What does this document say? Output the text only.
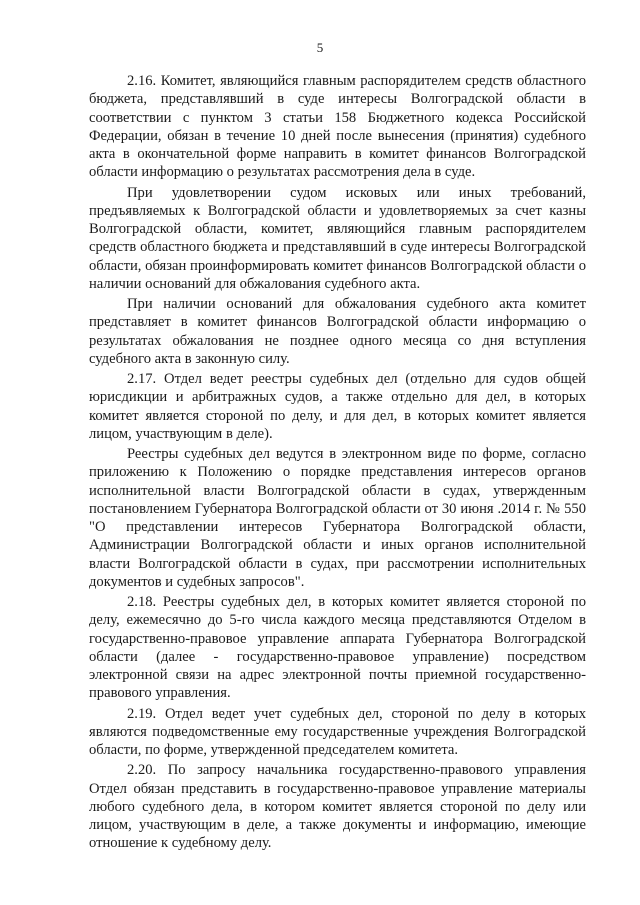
5

2.16. Комитет, являющийся главным распорядителем средств областного бюджета, представлявший в суде интересы Волгоградской области в соответствии с пунктом 3 статьи 158 Бюджетного кодекса Российской Федерации, обязан в течение 10 дней после вынесения (принятия) судебного акта в окончательной форме направить в комитет финансов Волгоградской области информацию о результатах рассмотрения дела в суде.

При удовлетворении судом исковых или иных требований, предъявляемых к Волгоградской области и удовлетворяемых за счет казны Волгоградской области, комитет, являющийся главным распорядителем средств областного бюджета и представлявший в суде интересы Волгоградской области, обязан проинформировать комитет финансов Волгоградской области о наличии оснований для обжалования судебного акта.

При наличии оснований для обжалования судебного акта комитет представляет в комитет финансов Волгоградской области информацию о результатах обжалования не позднее одного месяца со дня вступления судебного акта в законную силу.

2.17. Отдел ведет реестры судебных дел (отдельно для судов общей юрисдикции и арбитражных судов, а также отдельно для дел, в которых комитет является стороной по делу, и для дел, в которых комитет является лицом, участвующим в деле).

Реестры судебных дел ведутся в электронном виде по форме, согласно приложению к Положению о порядке представления интересов органов исполнительной власти Волгоградской области в судах, утвержденным постановлением Губернатора Волгоградской области от 30 июня .2014 г. № 550 "О представлении интересов Губернатора Волгоградской области, Администрации Волгоградской области и иных органов исполнительной власти Волгоградской области в судах, при рассмотрении исполнительных документов и судебных запросов".

2.18. Реестры судебных дел, в которых комитет является стороной по делу, ежемесячно до 5-го числа каждого месяца представляются Отделом в государственно-правовое управление аппарата Губернатора Волгоградской области (далее - государственно-правовое управление) посредством электронной связи на адрес электронной почты приемной государственно-правового управления.

2.19. Отдел ведет учет судебных дел, стороной по делу в которых являются подведомственные ему государственные учреждения Волгоградской области, по форме, утвержденной председателем комитета.

2.20. По запросу начальника государственно-правового управления Отдел обязан представить в государственно-правовое управление материалы любого судебного дела, в котором комитет является стороной по делу или лицом, участвующим в деле, а также документы и информацию, имеющие отношение к судебному делу.
